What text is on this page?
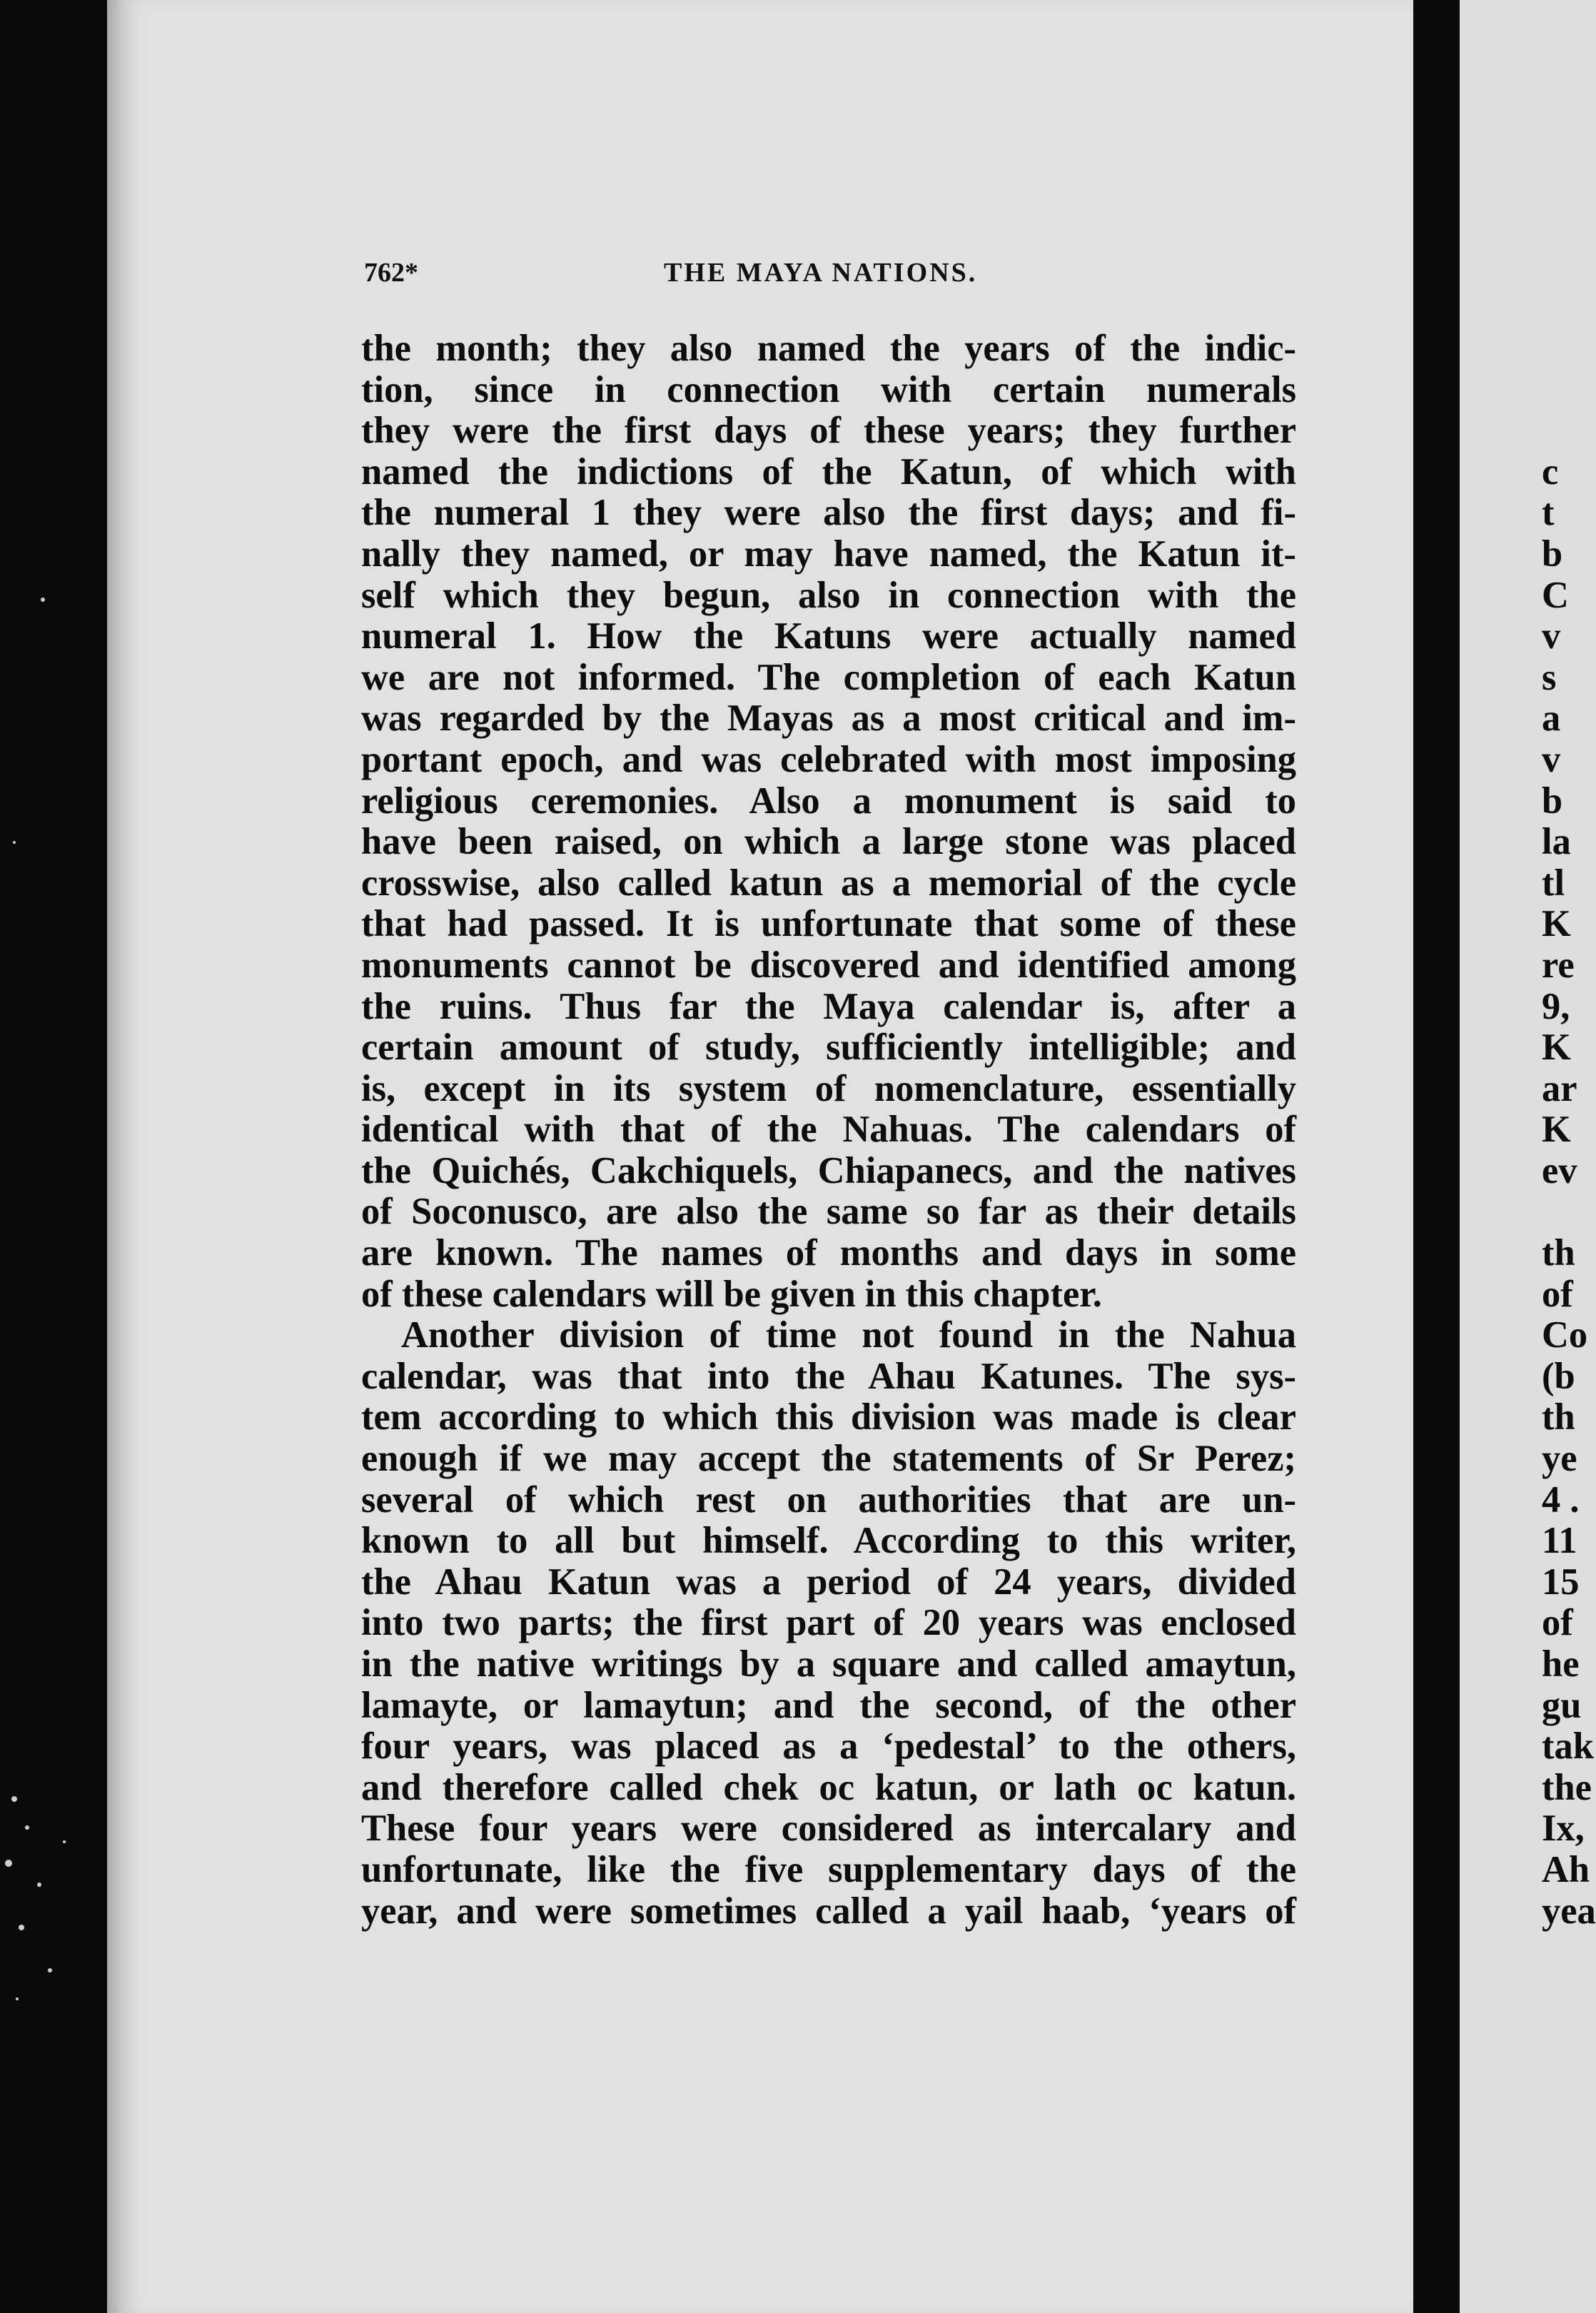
762*	THE MAYA NATIONS.
the month; they also named the years of the indic-
tion, since in connection with certain numerals
they were the first days of these years; they further
named the indictions of the Katun, of which with
the numeral 1 they were also the first days; and fi-
nally they named, or may have named, the Katun it-
self which they begun, also in connection with the
numeral 1. How the Katuns were actually named
we are not informed. The completion of each Katun
was regarded by the Mayas as a most critical and im-
portant epoch, and was celebrated with most imposing
religious ceremonies. Also a monument is said to
have been raised, on which a large stone was placed
crosswise, also called katun as a memorial of the cycle
that had passed. It is unfortunate that some of these
monuments cannot be discovered and identified among
the ruins. Thus far the Maya calendar is, after a
certain amount of study, sufficiently intelligible; and
is, except in its system of nomenclature, essentially
identical with that of the Nahuas. The calendars of
the Quichés, Cakchiquels, Chiapanecs, and the natives
of Soconusco, are also the same so far as their details
are known. The names of months and days in some
of these calendars will be given in this chapter.
Another division of time not found in the Nahua
calendar, was that into the Ahau Katunes. The sys-
tem according to which this division was made is clear
enough if we may accept the statements of Sr Perez;
several of which rest on authorities that are un-
known to all but himself. According to this writer,
the Ahau Katun was a period of 24 years, divided
into two parts; the first part of 20 years was enclosed
in the native writings by a square and called amaytun,
lamayte, or lamaytun; and the second, of the other
four years, was placed as a ‘pedestal’ to the others,
and therefore called chek oc katun, or lath oc katun.
These four years were considered as intercalary and
unfortunate, like the five supplementary days of the
year, and were sometimes called a yail haab, ‘years of
c
t
b
C
v
s
a
v
b
la
tl
K
re
9,
K
ar
K
ev
th
of
Co
(b
th
ye
4 .
11
15
of
he
gu
tak
the
Ix,
Ah
yea
